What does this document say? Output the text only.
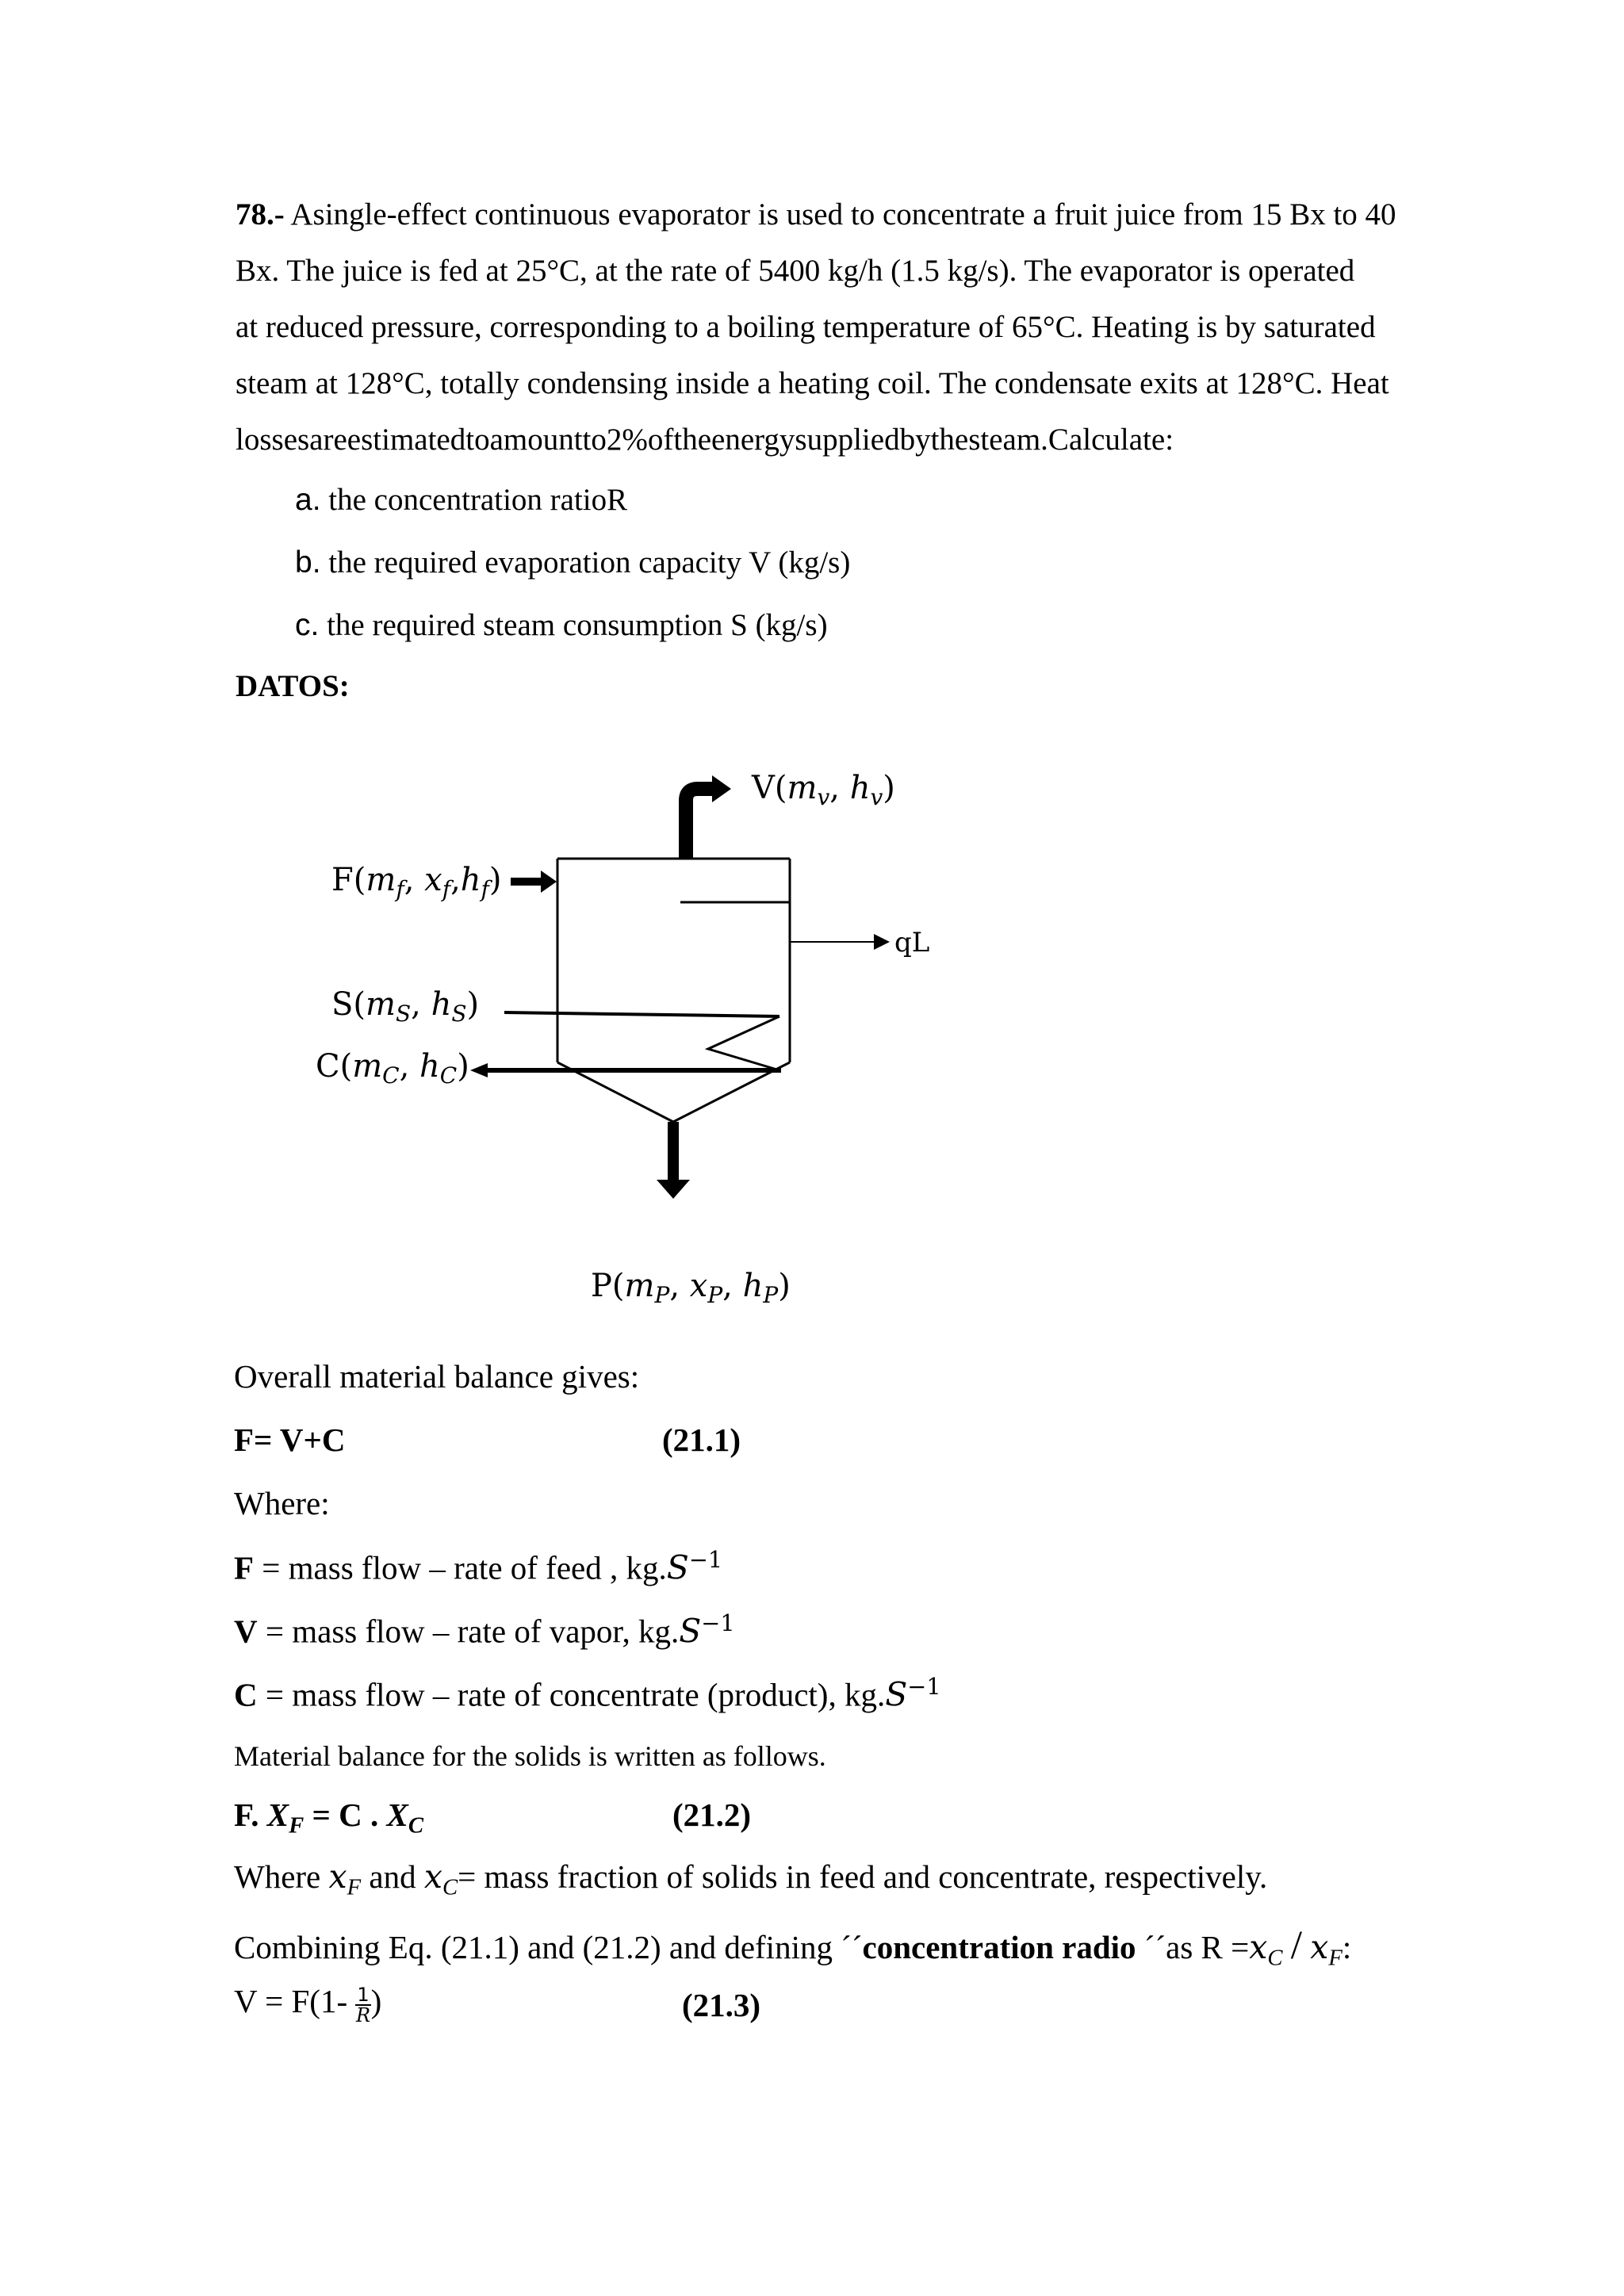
78.- Asingle-effect continuous evaporator is used to concentrate a fruit juice from 15 Bx to 40
Bx. The juice is fed at 25°C, at the rate of 5400 kg/h (1.5 kg/s). The evaporator is operated
at reduced pressure, corresponding to a boiling temperature of 65°C. Heating is by saturated
steam at 128°C, totally condensing inside a heating coil. The condensate exits at 128°C. Heat
lossesareestimatedtoamountto2%oftheenergysuppliedbythesteam.Calculate:
a. the concentration ratioR
b. the required evaporation capacity V (kg/s)
c. the required steam consumption S (kg/s)
DATOS:
$V(m_v$, $h_v$)
$F(m_f$, $x_f,h_f$)
qL
$S(m_S$, $h_S$)
$C(m_C$, $h_C$)
$P(m_P$, $x_P$, $h_P$)
Overall material balance gives:
F= V+C	(21.1)
Where:
F = mass flow – rate of feed , $kg.S^{-1}$
V = mass flow – rate of vapor, $kg.S^{-1}$
C = mass flow – rate of concentrate (product), $kg.S^{-1}$
Material balance for the solids is written as follows.
F. $X_F = C$ . $X_C$	(21.2)
Where $x_F$ and $x_C=$ mass fraction of solids in feed and concentrate, respectively.
Combining Eq. (21.1) and (21.2) and defining ´´concentration radio ´´as $R =x_C / x_F$:
$V = F(1- \frac{1}{R}$ )	(21.3)
